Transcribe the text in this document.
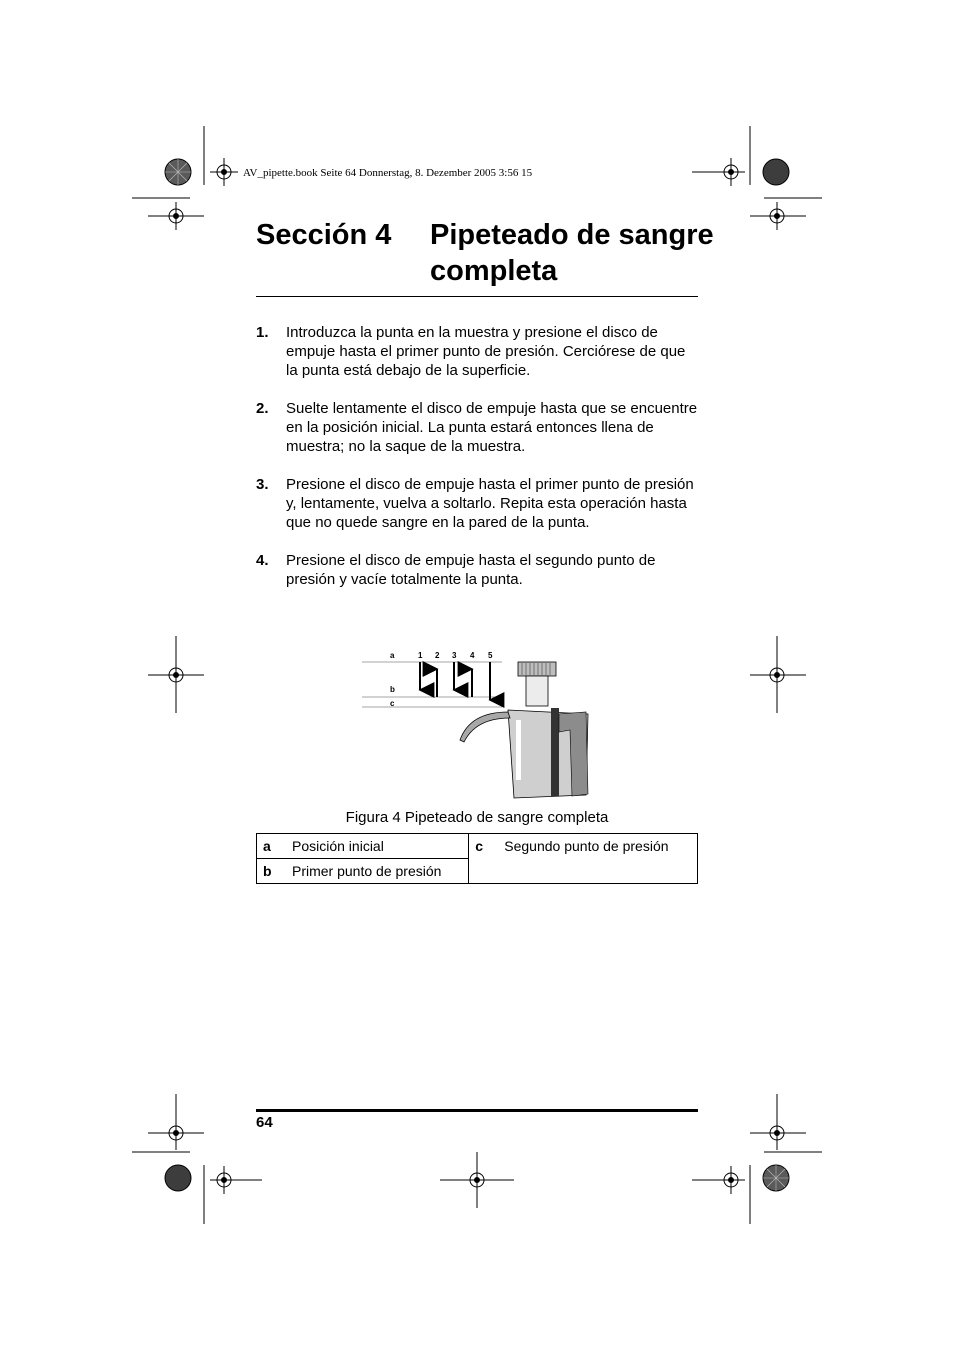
AV_pipette.book Seite 64 Donnerstag, 8. Dezember 2005 3:56 15
Sección 4 Pipeteado de sangre completa
1. Introduzca la punta en la muestra y presione el disco de empuje hasta el primer punto de presión. Cerciórese de que la punta está debajo de la superficie.
2. Suelte lentamente el disco de empuje hasta que se encuentre en la posición inicial. La punta estará entonces llena de muestra; no la saque de la muestra.
3. Presione el disco de empuje hasta el primer punto de presión y, lentamente, vuelva a soltarlo. Repita esta operación hasta que no quede sangre en la pared de la punta.
4. Presione el disco de empuje hasta el segundo punto de presión y vacíe totalmente la punta.
a
b
c
1 2 3 4 5
Figura 4 Pipeteado de sangre completa
a	Posición inicial	c	Segundo punto de presión

b	Primer punto de presión
64
